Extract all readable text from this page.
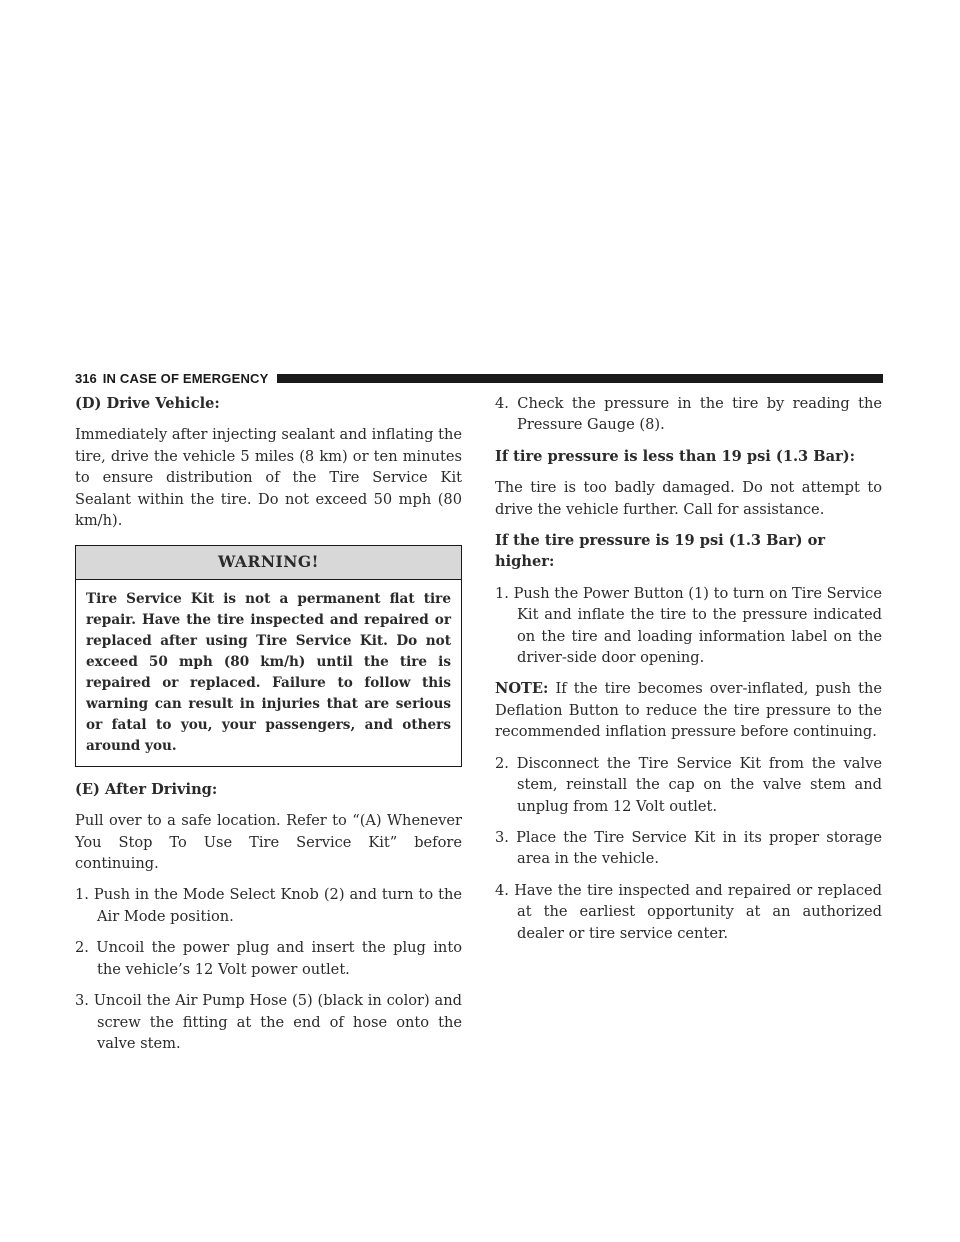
316 IN CASE OF EMERGENCY

(D) Drive Vehicle:

Immediately after injecting sealant and inflating the tire, drive the vehicle 5 miles (8 km) or ten minutes to ensure distribution of the Tire Service Kit Sealant within the tire. Do not exceed 50 mph (80 km/h).

WARNING!
Tire Service Kit is not a permanent flat tire repair. Have the tire inspected and repaired or replaced after using Tire Service Kit. Do not exceed 50 mph (80 km/h) until the tire is repaired or replaced. Failure to follow this warning can result in injuries that are serious or fatal to you, your passengers, and others around you.

(E) After Driving:

Pull over to a safe location. Refer to “(A) Whenever You Stop To Use Tire Service Kit” before continuing.

1. Push in the Mode Select Knob (2) and turn to the Air Mode position.

2. Uncoil the power plug and insert the plug into the vehicle’s 12 Volt power outlet.

3. Uncoil the Air Pump Hose (5) (black in color) and screw the fitting at the end of hose onto the valve stem.

4. Check the pressure in the tire by reading the Pressure Gauge (8).

If tire pressure is less than 19 psi (1.3 Bar):

The tire is too badly damaged. Do not attempt to drive the vehicle further. Call for assistance.

If the tire pressure is 19 psi (1.3 Bar) or higher:

1. Push the Power Button (1) to turn on Tire Service Kit and inflate the tire to the pressure indicated on the tire and loading information label on the driver-side door opening.

NOTE: If the tire becomes over-inflated, push the Deflation Button to reduce the tire pressure to the recommended inflation pressure before continuing.

2. Disconnect the Tire Service Kit from the valve stem, reinstall the cap on the valve stem and unplug from 12 Volt outlet.

3. Place the Tire Service Kit in its proper storage area in the vehicle.

4. Have the tire inspected and repaired or replaced at the earliest opportunity at an authorized dealer or tire service center.
